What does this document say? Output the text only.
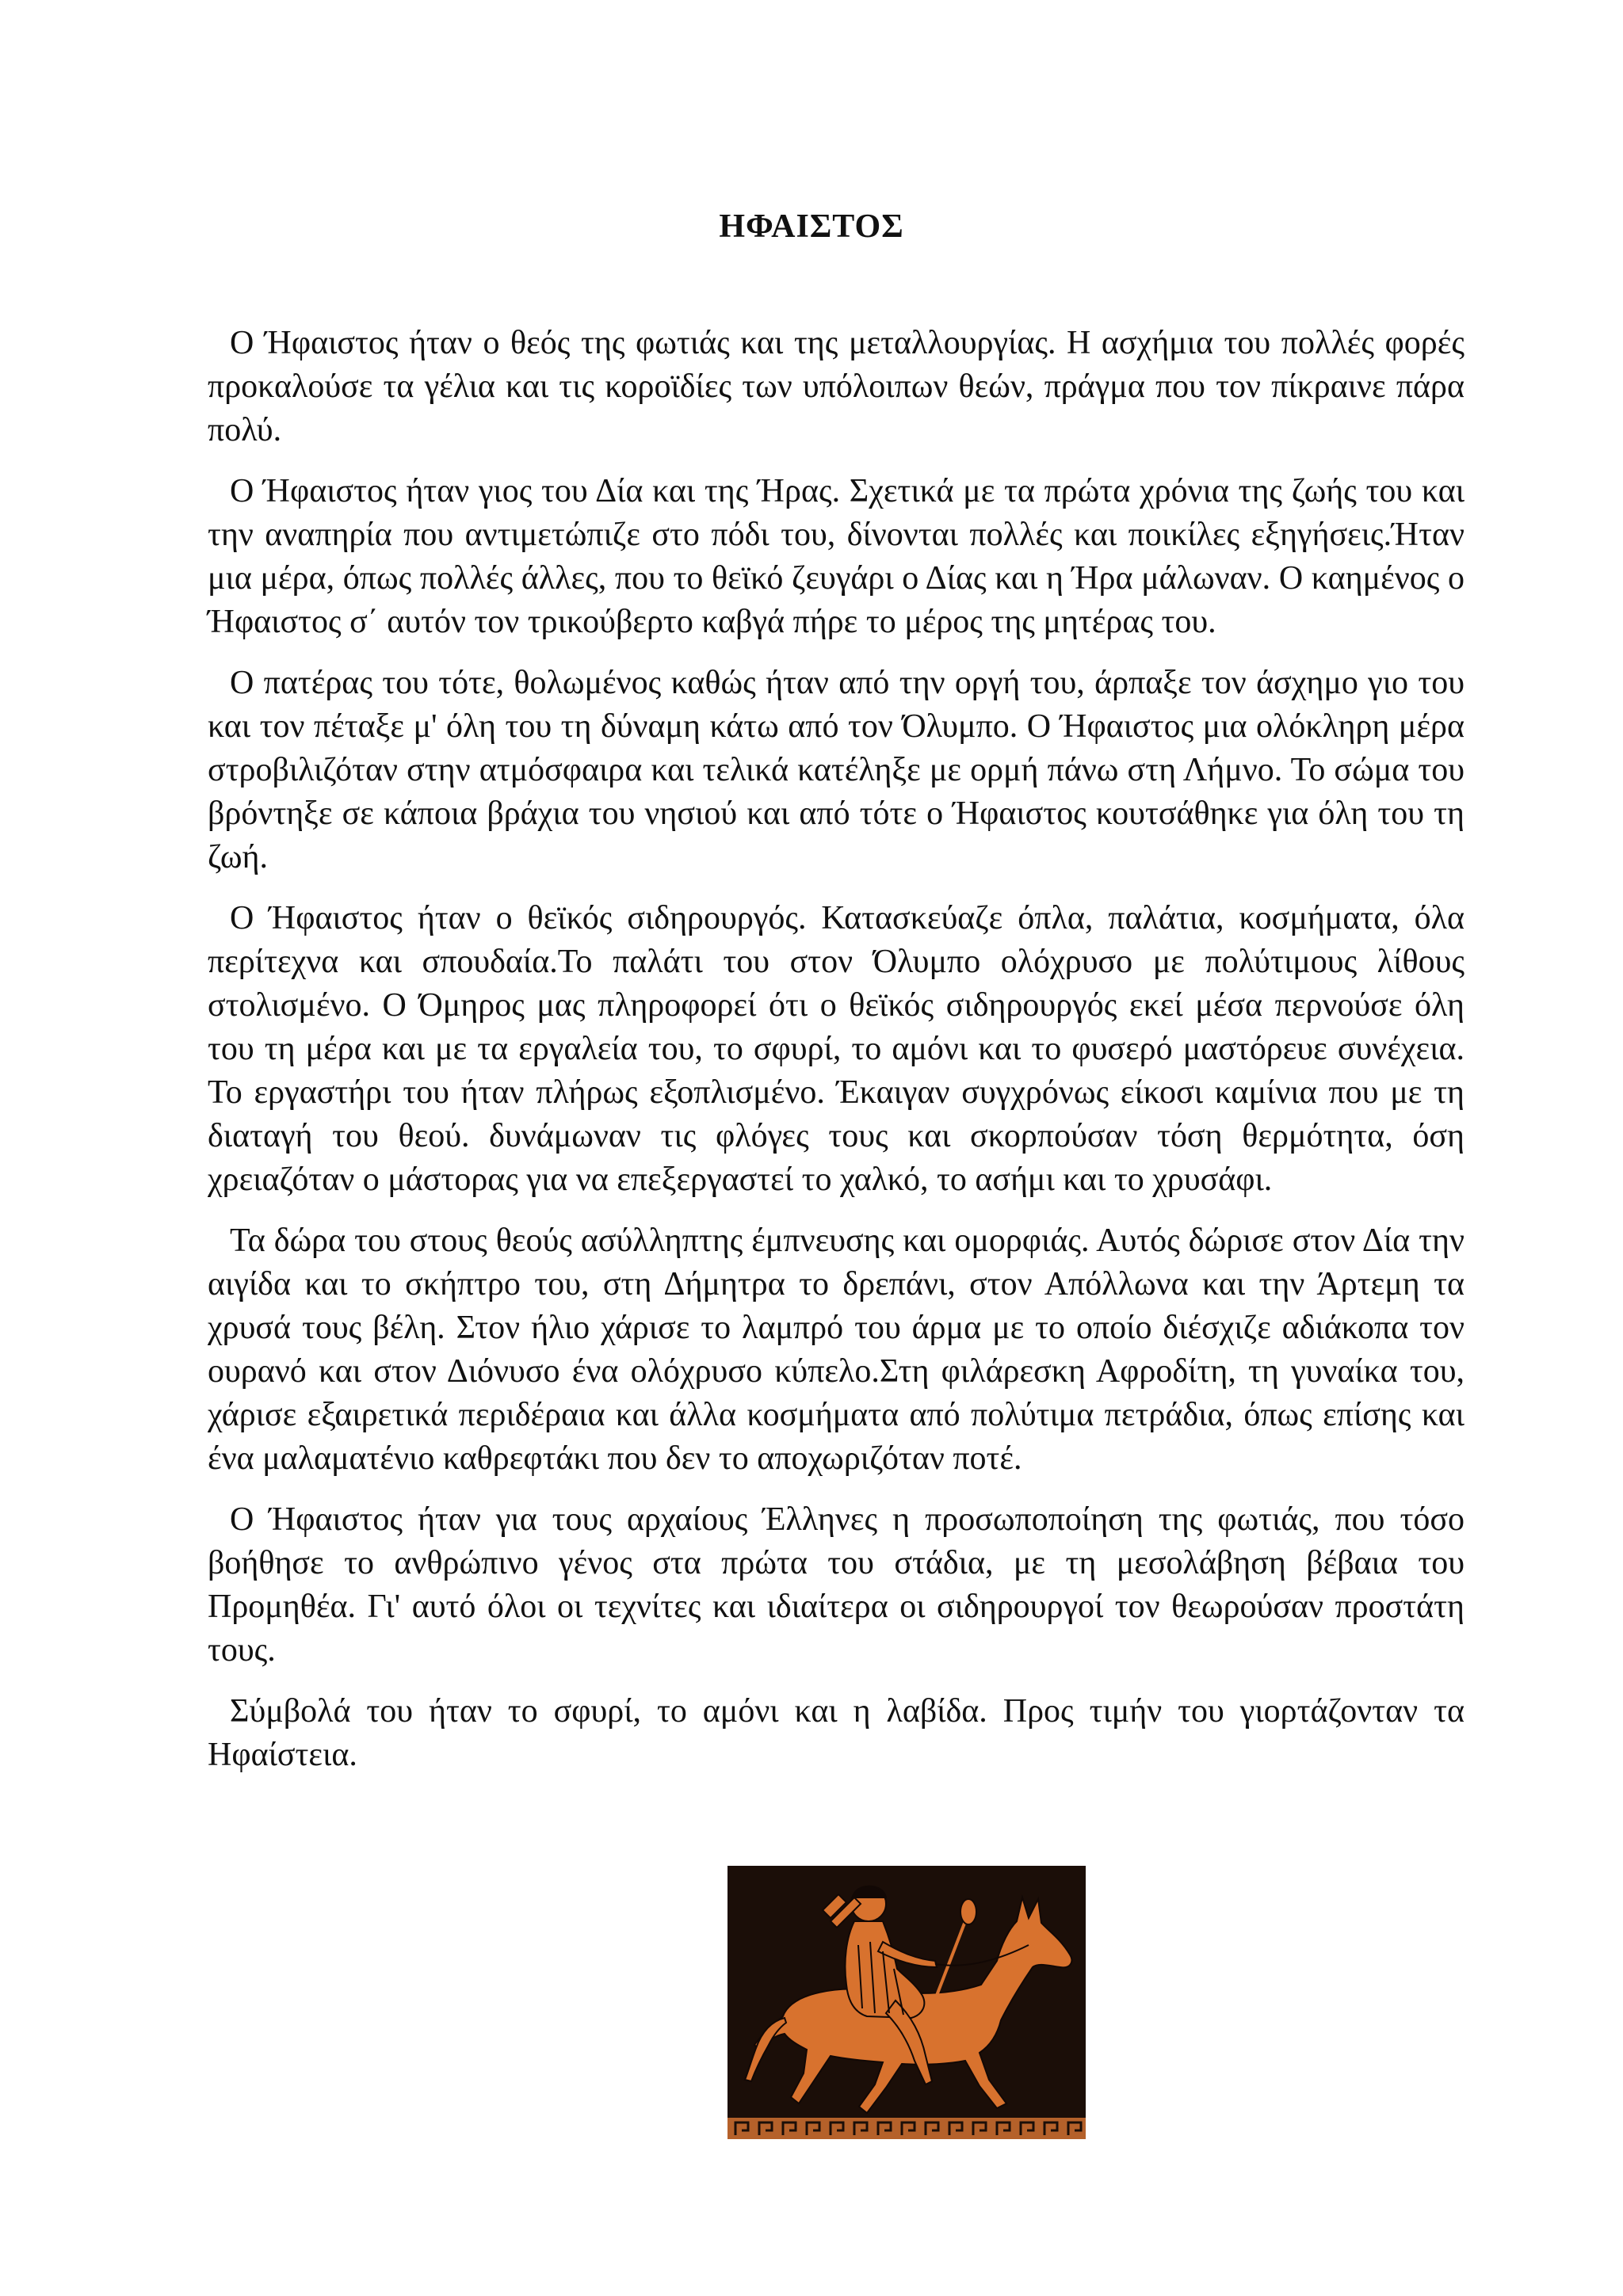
ΗΦΑΙΣΤΟΣ

Ο Ήφαιστος ήταν ο θεός της φωτιάς και της μεταλλουργίας. Η ασχήμια του πολλές φορές προκαλούσε τα γέλια και τις κοροϊδίες των υπόλοιπων θεών, πράγμα που τον πίκραινε πάρα πολύ.

Ο Ήφαιστος ήταν γιος του Δία και της Ήρας. Σχετικά με τα πρώτα χρόνια της ζωής του και την αναπηρία που αντιμετώπιζε στο πόδι του, δίνονται πολλές και ποικίλες εξηγήσεις.Ήταν μια μέρα, όπως πολλές άλλες, που το θεϊκό ζευγάρι ο Δίας και η Ήρα μάλωναν. Ο καημένος ο Ήφαιστος σ΄ αυτόν τον τρικούβερτο καβγά πήρε το μέρος της μητέρας του.

Ο πατέρας του τότε, θολωμένος καθώς ήταν από την οργή του, άρπαξε τον άσχημο γιο του και τον πέταξε μ' όλη του τη δύναμη κάτω από τον Όλυμπο. Ο Ήφαιστος μια ολόκληρη μέρα στροβιλιζόταν στην ατμόσφαιρα και τελικά κατέληξε με ορμή πάνω στη Λήμνο. Το σώμα του βρόντηξε σε κάποια βράχια του νησιού και από τότε ο Ήφαιστος κουτσάθηκε για όλη του τη ζωή.

Ο Ήφαιστος ήταν ο θεϊκός σιδηρουργός. Κατασκεύαζε όπλα, παλάτια, κοσμήματα, όλα περίτεχνα και σπουδαία.Το παλάτι του στον Όλυμπο ολόχρυσο με πολύτιμους λίθους στολισμένο. Ο Όμηρος μας πληροφορεί ότι ο θεϊκός σιδηρουργός εκεί μέσα περνούσε όλη του τη μέρα και με τα εργαλεία του, το σφυρί, το αμόνι και το φυσερό μαστόρευε συνέχεια. Το εργαστήρι του ήταν πλήρως εξοπλισμένο. Έκαιγαν συγχρόνως είκοσι καμίνια που με τη διαταγή του θεού. δυνάμωναν τις φλόγες τους και σκορπούσαν τόση θερμότητα, όση χρειαζόταν ο μάστορας για να επεξεργαστεί το χαλκό, το ασήμι και το χρυσάφι.

Τα δώρα του στους θεούς ασύλληπτης έμπνευσης και ομορφιάς. Αυτός δώρισε στον Δία την αιγίδα και το σκήπτρο του, στη Δήμητρα το δρεπάνι, στον Απόλλωνα και την Άρτεμη τα χρυσά τους βέλη. Στον ήλιο χάρισε το λαμπρό του άρμα με το οποίο διέσχιζε αδιάκοπα τον ουρανό και στον Διόνυσο ένα ολόχρυσο κύπελο.Στη φιλάρεσκη Αφροδίτη, τη γυναίκα του, χάρισε εξαιρετικά περιδέραια και άλλα κοσμήματα από πολύτιμα πετράδια, όπως επίσης και ένα μαλαματένιο καθρεφτάκι που δεν το αποχωριζόταν ποτέ.

Ο Ήφαιστος ήταν για τους αρχαίους Έλληνες η προσωποποίηση της φωτιάς, που τόσο βοήθησε το ανθρώπινο γένος στα πρώτα του στάδια, με τη μεσολάβηση βέβαια του Προμηθέα. Γι' αυτό όλοι οι τεχνίτες και ιδιαίτερα οι σιδηρουργοί τον θεωρούσαν προστάτη τους.

Σύμβολά του ήταν το σφυρί, το αμόνι και η λαβίδα. Προς τιμήν του γιορτάζονταν τα Ηφαίστεια.
